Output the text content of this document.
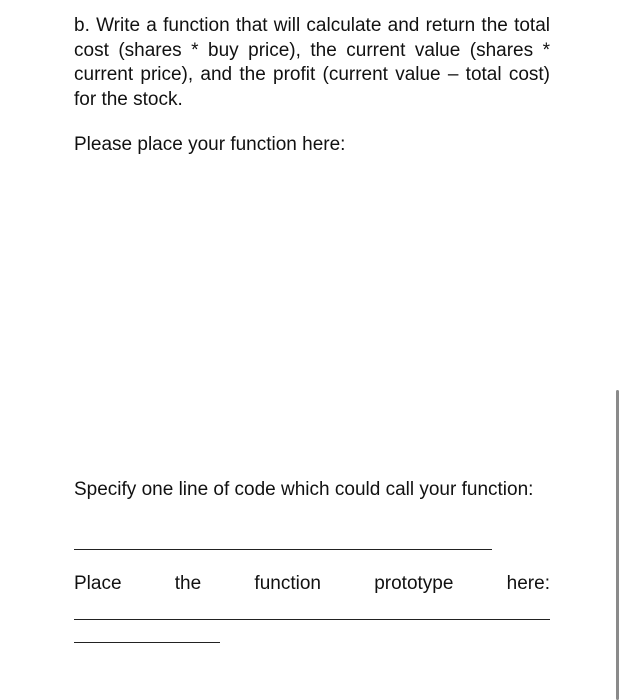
b. Write a function that will calculate and return the total cost (shares * buy price), the current value (shares * current price), and the profit (current value – total cost) for the stock.
Please place your function here:
Specify one line of code which could call your function:
Place	the	function	prototype	here:
